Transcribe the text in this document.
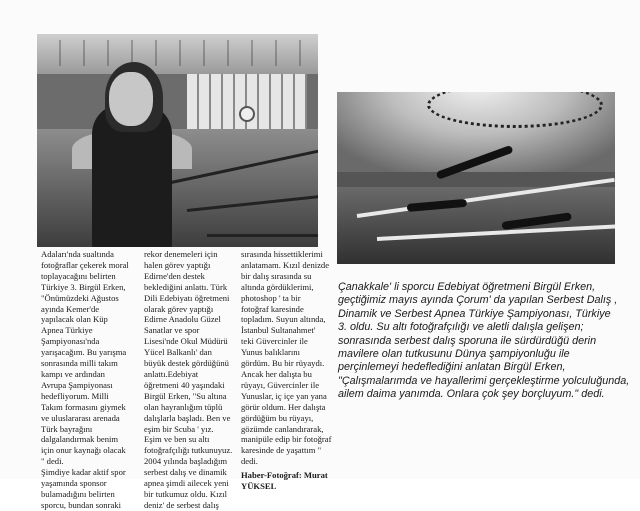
Adaları'nda sualtında

fotoğraflar çekerek moral

toplayacağını belirten

Türkiye 3. Birgül Erken,

"Önümüzdeki Ağustos

ayında Kemer'de

yapılacak olan Küp

Apnea Türkiye

Şampiyonası'nda

yarışacağım. Bu yarışma

sonrasında milli takım

kampı ve ardından

Avrupa Şampiyonası

hedefliyorum. Milli

Takım formasını giymek

ve uluslararası arenada

Türk bayrağını

dalgalandırmak benim

için onur kaynağı olacak

" dedi.

Şimdiye kadar aktif spor

yaşamında sponsor

bulamadığını belirten

sporcu, bundan sonraki

rekor denemeleri için

halen görev yaptığı

Edirne'den destek

beklediğini anlattı. Türk

Dili Edebiyatı öğretmeni

olarak görev yaptığı

Edirne Anadolu Güzel

Sanatlar ve spor

Lisesi'nde Okul Müdürü

Yücel Balkanlı' dan

büyük destek gördüğünü

anlattı.Edebiyat

öğretmeni 40 yaşındaki

Birgül Erken, "Su altına

olan hayranlığım tüplü

dalışlarla başladı. Ben ve

eşim bir Scuba ' yız.

Eşim ve ben su altı

fotoğrafçılığı tutkunuyuz.

2004 yılında başladığım

serbest dalış ve dinamik

apnea şimdi ailecek yeni

bir tutkumuz oldu. Kızıl

deniz' de serbest dalış

sırasında hissettiklerimi

anlatamam. Kızıl denizde

bir dalış sırasında su

altında gördüklerimi,

photoshop ' ta bir

fotoğraf karesinde

topladım. Suyun altında,

İstanbul Sultanahmet'

teki Güvercinler ile

Yunus balıklarını

gördüm. Bu bir rüyaydı.

Ancak her dalışta bu

rüyayı, Güvercinler ile

Yunuslar, iç içe yan yana

görür oldum. Her dalışta

gördüğüm bu rüyayı,

gözümde canlandırarak,

manipüle edip bir fotoğraf

karesinde de yaşattım "

dedi.

Haber-Fotoğraf: Murat

YÜKSEL

Çanakkale' li sporcu Edebiyat öğretmeni Birgül Erken,

geçtiğimiz mayıs ayında Çorum' da yapılan Serbest Dalış ,

Dinamik ve Serbest Apnea Türkiye Şampiyonası, Türkiye

3. oldu. Su altı fotoğrafçılığı ve aletli dalışla gelişen;

sonrasında serbest dalış sporuna ile sürdürdüğü derin

mavilere olan tutkusunu Dünya şampiyonluğu ile

perçinlemeyi hedeflediğini anlatan Birgül Erken,

"Çalışmalarımda ve hayallerimi gerçekleştirme yolculuğunda,

ailem daima yanımda. Onlara çok şey borçluyum." dedi.
